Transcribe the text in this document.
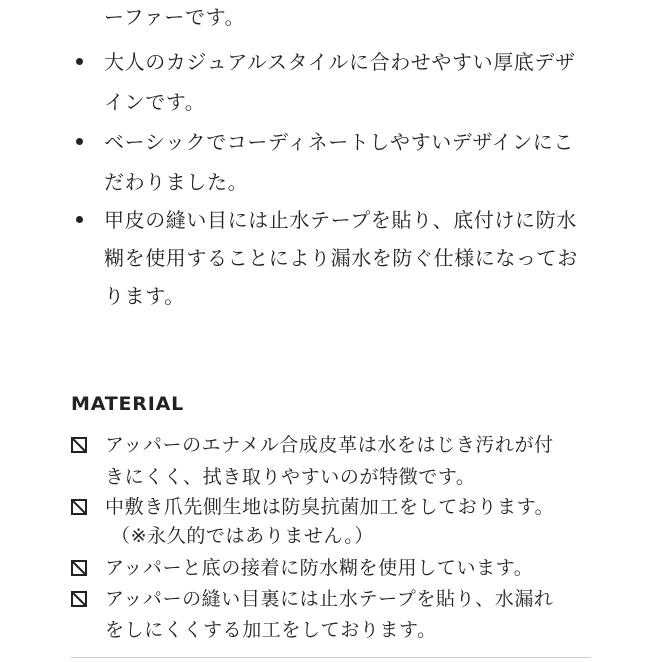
ーファーです。
大人のカジュアルスタイルに合わせやすい厚底デザ
インです。
ベーシックでコーディネートしやすいデザインにこ
だわりました。
甲皮の縫い目には止水テープを貼り、底付けに防水
糊を使用することにより漏水を防ぐ仕様になってお
ります。
MATERIAL
アッパーのエナメル合成皮革は水をはじき汚れが付
きにくく、拭き取りやすいのが特徴です。
中敷き爪先側生地は防臭抗菌加工をしております。
（※永久的ではありません。）
アッパーと底の接着に防水糊を使用しています。
アッパーの縫い目裏には止水テープを貼り、水漏れ
をしにくくする加工をしております。
